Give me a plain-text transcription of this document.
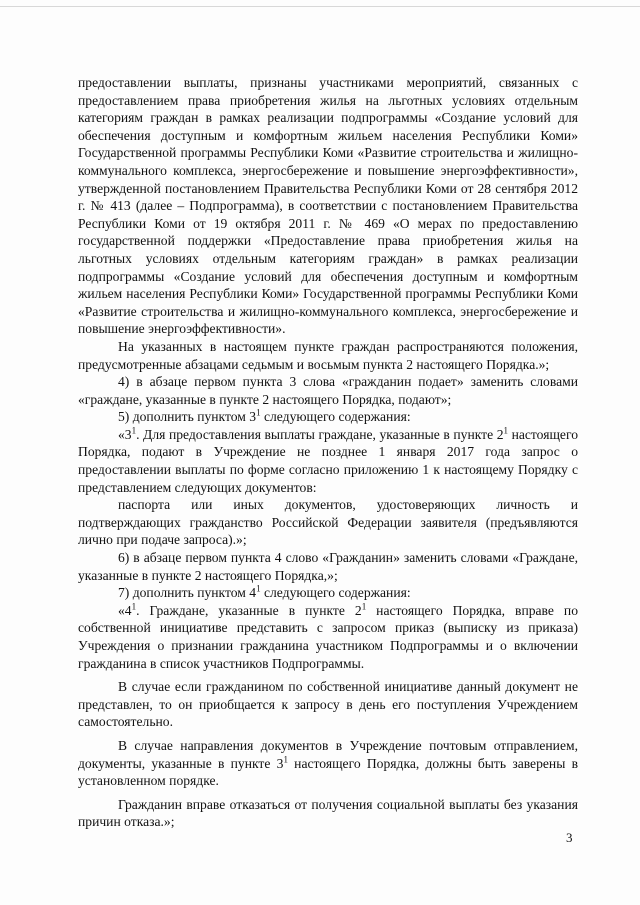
предоставлении выплаты, признаны участниками мероприятий, связанных с предоставлением права приобретения жилья на льготных условиях отдельным категориям граждан в рамках реализации подпрограммы «Создание условий для обеспечения доступным и комфортным жильем населения Республики Коми» Государственной программы Республики Коми «Развитие строительства и жилищно-коммунального комплекса, энергосбережение и повышение энергоэффективности», утвержденной постановлением Правительства Республики Коми от 28 сентября 2012 г. № 413 (далее – Подпрограмма), в соответствии с постановлением Правительства Республики Коми от 19 октября 2011 г. № 469 «О мерах по предоставлению государственной поддержки «Предоставление права приобретения жилья на льготных условиях отдельным категориям граждан» в рамках реализации подпрограммы «Создание условий для обеспечения доступным и комфортным жильем населения Республики Коми» Государственной программы Республики Коми «Развитие строительства и жилищно-коммунального комплекса, энергосбережение и повышение энергоэффективности».

На указанных в настоящем пункте граждан распространяются положения, предусмотренные абзацами седьмым и восьмым пункта 2 настоящего Порядка.»;

4) в абзаце первом пункта 3 слова «гражданин подает» заменить словами «граждане, указанные в пункте 2 настоящего Порядка, подают»;

5) дополнить пунктом $3^1$ следующего содержания:

«$3^1$. Для предоставления выплаты граждане, указанные в пункте $2^1$ настоящего Порядка, подают в Учреждение не позднее 1 января 2017 года запрос о предоставлении выплаты по форме согласно приложению 1 к настоящему Порядку с представлением следующих документов:

паспорта или иных документов, удостоверяющих личность и подтверждающих гражданство Российской Федерации заявителя (предъявляются лично при подаче запроса).»;

6) в абзаце первом пункта 4 слово «Гражданин» заменить словами «Граждане, указанные в пункте 2 настоящего Порядка,»;

7) дополнить пунктом $4^1$ следующего содержания:

«$4^1$. Граждане, указанные в пункте $2^1$ настоящего Порядка, вправе по собственной инициативе представить с запросом приказ (выписку из приказа) Учреждения о признании гражданина участником Подпрограммы и о включении гражданина в список участников Подпрограммы.

В случае если гражданином по собственной инициативе данный документ не представлен, то он приобщается к запросу в день его поступления Учреждением самостоятельно.

В случае направления документов в Учреждение почтовым отправлением, документы, указанные в пункте $3^1$ настоящего Порядка, должны быть заверены в установленном порядке.

Гражданин вправе отказаться от получения социальной выплаты без указания причин отказа.»;

3
